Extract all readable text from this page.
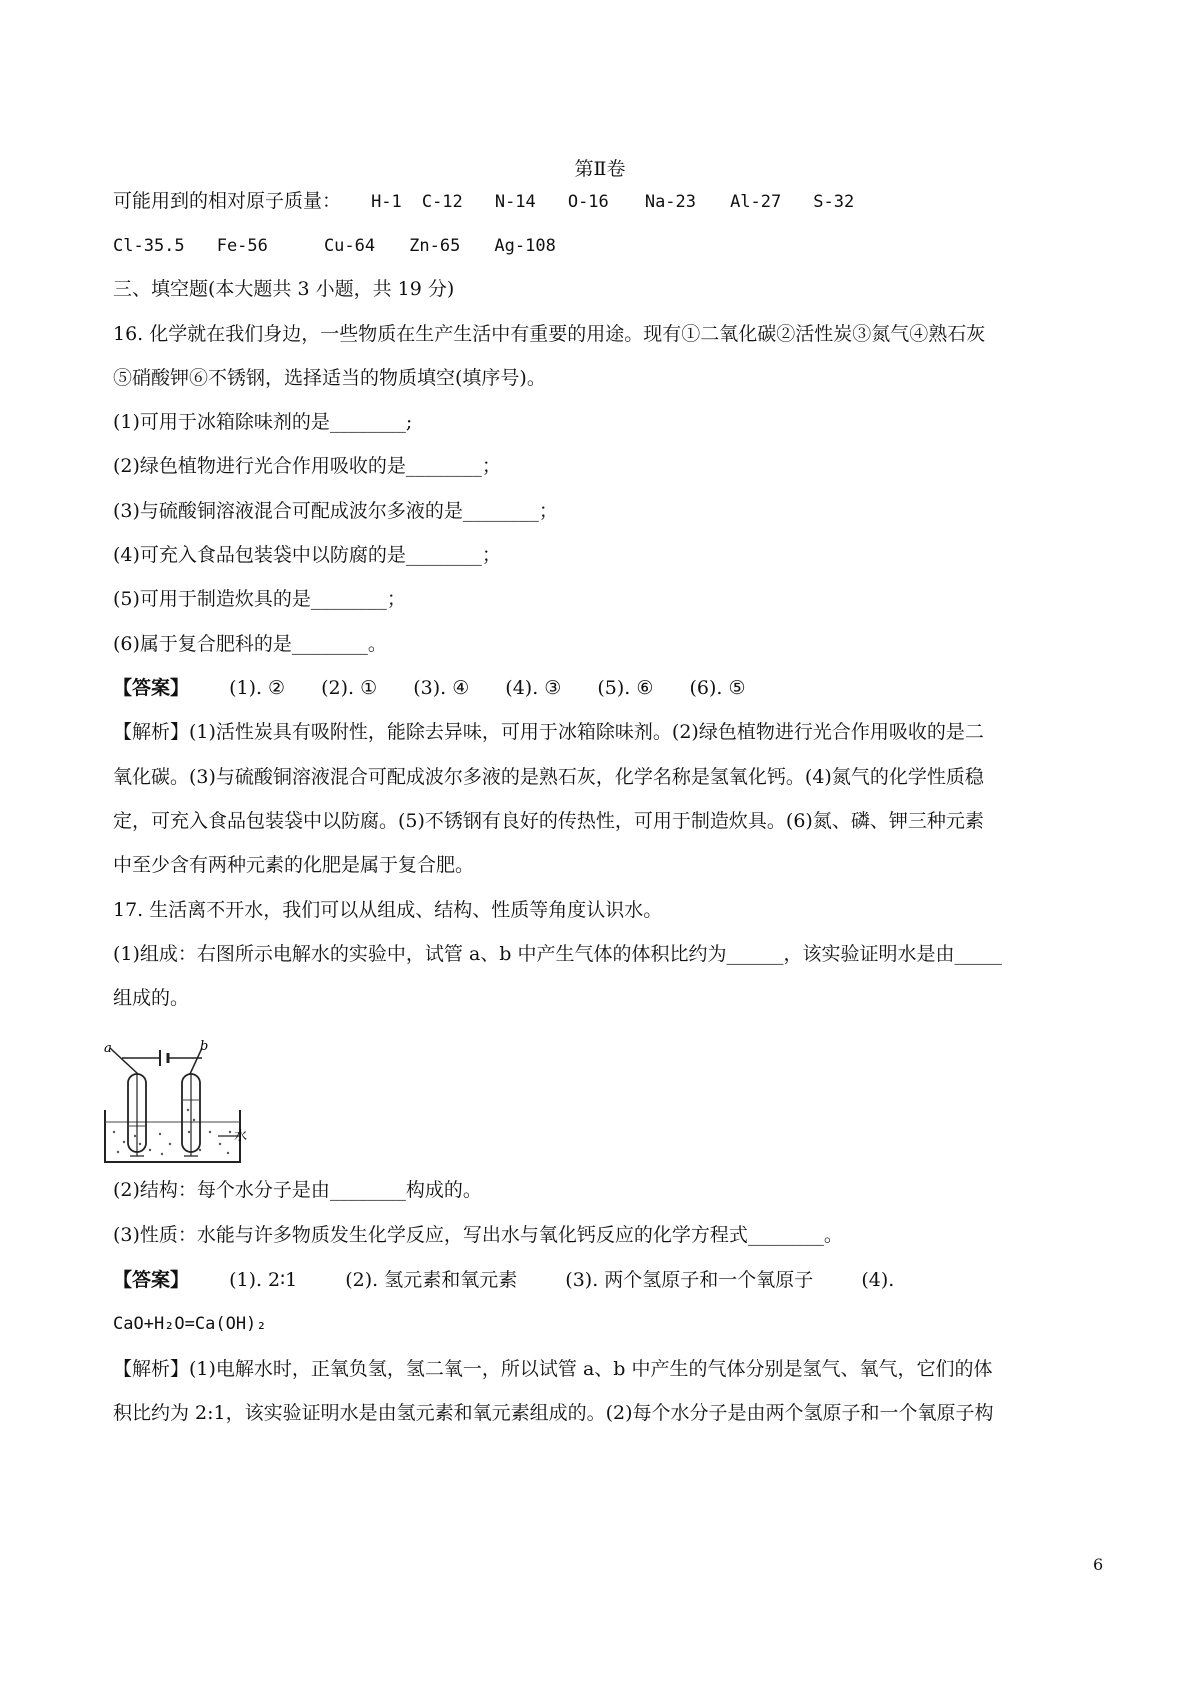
第Ⅱ卷
可能用到的相对原子质量： H-1 C-12 N-14 O-16 Na-23 Al-27 S-32
Cl-35.5 Fe-56	Cu-64 Zn-65 Ag-108
三、填空题(本大题共 3 小题，共 19 分)
16. 化学就在我们身边，一些物质在生产生活中有重要的用途。现有①二氧化碳②活性炭③氮气④熟石灰
⑤硝酸钾⑥不锈钢，选择适当的物质填空(填序号)。
(1)可用于冰箱除味剂的是________;
(2)绿色植物进行光合作用吸收的是________；
(3)与硫酸铜溶液混合可配成波尔多液的是________；
(4)可充入食品包装袋中以防腐的是________；
(5)可用于制造炊具的是________；
(6)属于复合肥科的是________。
【答案】 (1). ② (2). ① (3). ④ (4). ③ (5). ⑥ (6). ⑤
【解析】(1)活性炭具有吸附性，能除去异味，可用于冰箱除味剂。(2)绿色植物进行光合作用吸收的是二
氧化碳。(3)与硫酸铜溶液混合可配成波尔多液的是熟石灰，化学名称是氢氧化钙。(4)氮气的化学性质稳
定，可充入食品包装袋中以防腐。(5)不锈钢有良好的传热性，可用于制造炊具。(6)氮、磷、钾三种元素
中至少含有两种元素的化肥是属于复合肥。
17. 生活离不开水，我们可以从组成、结构、性质等角度认识水。
(1)组成：右图所示电解水的实验中，试管 a、b 中产生气体的体积比约为______，该实验证明水是由_____
组成的。
a	b
水
(2)结构：每个水分子是由________构成的。
(3)性质：水能与许多物质发生化学反应，写出水与氧化钙反应的化学方程式________。
【答案】 (1). 2∶1	(2). 氢元素和氧元素	(3). 两个氢原子和一个氧原子	(4).
CaO+H₂O=Ca(OH)₂
【解析】(1)电解水时，正氧负氢，氢二氧一，所以试管 a、b 中产生的气体分别是氢气、氧气，它们的体
积比约为 2:1，该实验证明水是由氢元素和氧元素组成的。(2)每个水分子是由两个氢原子和一个氧原子构
6
